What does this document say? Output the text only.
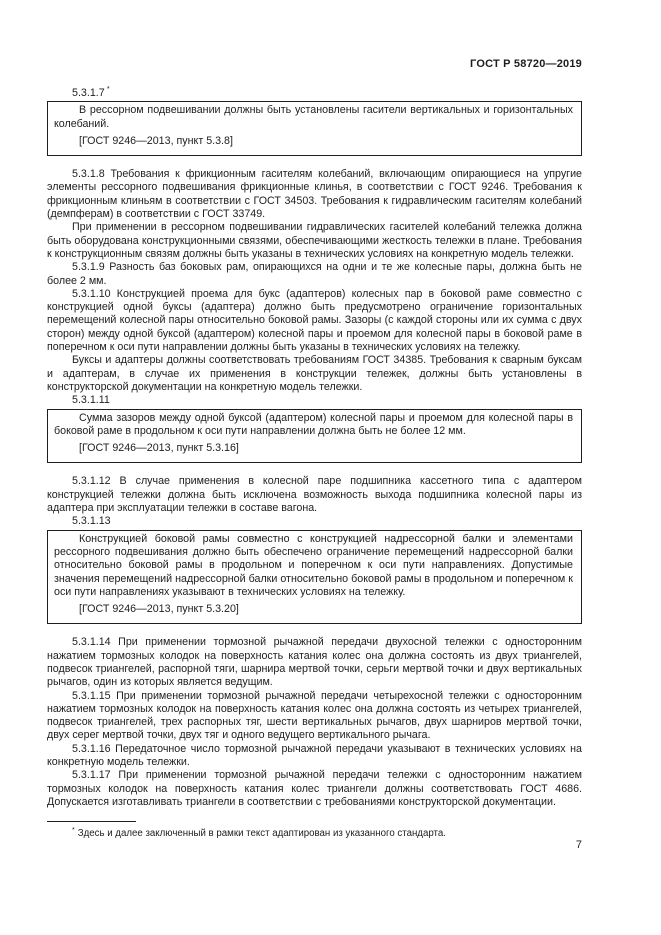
ГОСТ Р 58720—2019

5.3.1.7 *

В рессорном подвешивании должны быть установлены гасители вертикальных и горизонтальных колебаний.

[ГОСТ 9246—2013, пункт 5.3.8]

5.3.1.8 Требования к фрикционным гасителям колебаний, включающим опирающиеся на упругие элементы рессорного подвешивания фрикционные клинья, в соответствии с ГОСТ 9246. Требования к фрикционным клиньям в соответствии с ГОСТ 34503. Требования к гидравлическим гасителям колебаний (демпферам) в соответствии с ГОСТ 33749.

При применении в рессорном подвешивании гидравлических гасителей колебаний тележка должна быть оборудована конструкционными связями, обеспечивающими жесткость тележки в плане. Требования к конструкционным связям должны быть указаны в технических условиях на конкретную модель тележки.

5.3.1.9 Разность баз боковых рам, опирающихся на одни и те же колесные пары, должна быть не более 2 мм.

5.3.1.10 Конструкцией проема для букс (адаптеров) колесных пар в боковой раме совместно с конструкцией одной буксы (адаптера) должно быть предусмотрено ограничение горизонтальных перемещений колесной пары относительно боковой рамы. Зазоры (с каждой стороны или их сумма с двух сторон) между одной буксой (адаптером) колесной пары и проемом для колесной пары в боковой раме в поперечном к оси пути направлении должны быть указаны в технических условиях на тележку.

Буксы и адаптеры должны соответствовать требованиям ГОСТ 34385. Требования к сварным буксам и адаптерам, в случае их применения в конструкции тележек, должны быть установлены в конструкторской документации на конкретную модель тележки.

5.3.1.11

Сумма зазоров между одной буксой (адаптером) колесной пары и проемом для колесной пары в боковой раме в продольном к оси пути направлении должна быть не более 12 мм.

[ГОСТ 9246—2013, пункт 5.3.16]

5.3.1.12 В случае применения в колесной паре подшипника кассетного типа с адаптером конструкцией тележки должна быть исключена возможность выхода подшипника колесной пары из адаптера при эксплуатации тележки в составе вагона.

5.3.1.13

Конструкцией боковой рамы совместно с конструкцией надрессорной балки и элементами рессорного подвешивания должно быть обеспечено ограничение перемещений надрессорной балки относительно боковой рамы в продольном и поперечном к оси пути направлениях. Допустимые значения перемещений надрессорной балки относительно боковой рамы в продольном и поперечном к оси пути направлениях указывают в технических условиях на тележку.

[ГОСТ 9246—2013, пункт 5.3.20]

5.3.1.14 При применении тормозной рычажной передачи двухосной тележки с односторонним нажатием тормозных колодок на поверхность катания колес она должна состоять из двух триангелей, подвесок триангелей, распорной тяги, шарнира мертвой точки, серьги мертвой точки и двух вертикальных рычагов, один из которых является ведущим.

5.3.1.15 При применении тормозной рычажной передачи четырехосной тележки с односторонним нажатием тормозных колодок на поверхность катания колес она должна состоять из четырех триангелей, подвесок триангелей, трех распорных тяг, шести вертикальных рычагов, двух шарниров мертвой точки, двух серег мертвой точки, двух тяг и одного ведущего вертикального рычага.

5.3.1.16 Передаточное число тормозной рычажной передачи указывают в технических условиях на конкретную модель тележки.

5.3.1.17 При применении тормозной рычажной передачи тележки с односторонним нажатием тормозных колодок на поверхность катания колес триангели должны соответствовать ГОСТ 4686. Допускается изготавливать триангели в соответствии с требованиями конструкторской документации.

* Здесь и далее заключенный в рамки текст адаптирован из указанного стандарта.

7
